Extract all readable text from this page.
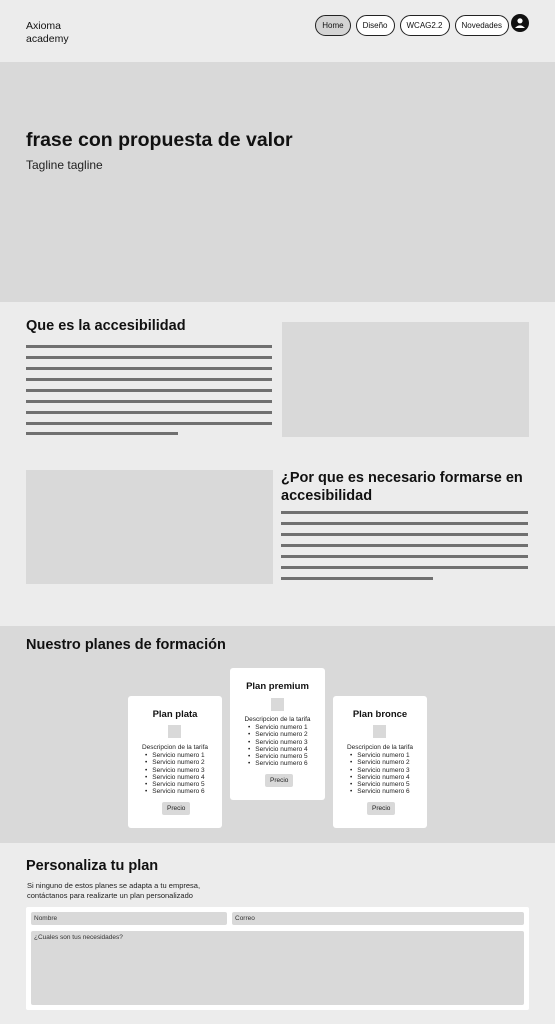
Axioma academy
Home	Diseño	WCAG2.2	Novedades
frase con propuesta de valor
Tagline tagline
Que es la accesibilidad
¿Por que es necesario formarse en accesibilidad
Nuestro planes de formación
Plan plata
Descripcion de la tarifa
• Servicio numero 1
• Servicio numero 2
• Servicio numero 3
• Servicio numero 4
• Servicio numero 5
• Servicio numero 6
Precio
Plan premium
Descripcion de la tarifa
• Servicio numero 1
• Servicio numero 2
• Servicio numero 3
• Servicio numero 4
• Servicio numero 5
• Servicio numero 6
Precio
Plan bronce
Descripcion de la tarifa
• Servicio numero 1
• Servicio numero 2
• Servicio numero 3
• Servicio numero 4
• Servicio numero 5
• Servicio numero 6
Precio
Personaliza tu plan
Si ninguno de estos planes se adapta a tu empresa,
contáctanos para realizarte un plan personalizado
Nombre	Correo
¿Cuales son tus necesidades?
